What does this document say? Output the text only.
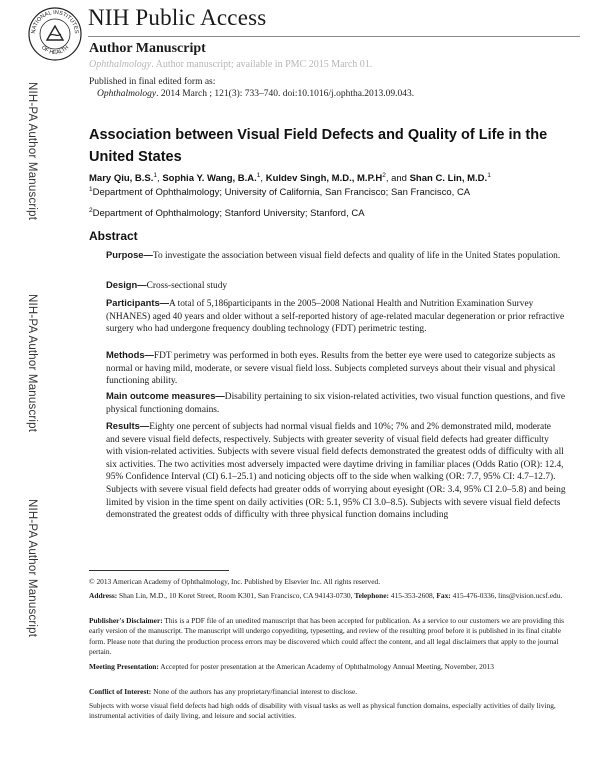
NATIONAL INSTITUTES
OF HEALTH
NIH Public Access
Author Manuscript
Ophthalmology. Author manuscript; available in PMC 2015 March 01.
Published in final edited form as:
Ophthalmology. 2014 March ; 121(3): 733–740. doi:10.1016/j.ophtha.2013.09.043.
NIH-PA Author Manuscript
NIH-PA Author Manuscript
NIH-PA Author Manuscript
Association between Visual Field Defects and Quality of Life in the United States
Mary Qiu, B.S.$^1$, Sophia Y. Wang, B.A.$^1$, Kuldev Singh, M.D., $M.P.H^2$, and Shan C. Lin, M.D.$^1$
$^1$Department of Ophthalmology; University of California, San Francisco; San Francisco, CA
$^2$Department of Ophthalmology; Stanford University; Stanford, CA
Abstract
Purpose—To investigate the association between visual field defects and quality of life in the United States population.
Design—Cross-sectional study
Participants—A total of 5,186participants in the 2005–2008 National Health and Nutrition Examination Survey (NHANES) aged 40 years and older without a self-reported history of age-related macular degeneration or prior refractive surgery who had undergone frequency doubling technology (FDT) perimetric testing.
Methods—FDT perimetry was performed in both eyes. Results from the better eye were used to categorize subjects as normal or having mild, moderate, or severe visual field loss. Subjects completed surveys about their visual and physical functioning ability.
Main outcome measures—Disability pertaining to six vision-related activities, two visual function questions, and five physical functioning domains.
Results—Eighty one percent of subjects had normal visual fields and 10%; 7% and 2% demonstrated mild, moderate and severe visual field defects, respectively. Subjects with greater severity of visual field defects had greater difficulty with vision-related activities. Subjects with severe visual field defects demonstrated the greatest odds of difficulty with all six activities. The two activities most adversely impacted were daytime driving in familiar places (Odds Ratio (OR): 12.4, 95% Confidence Interval (CI) 6.1–25.1) and noticing objects off to the side when walking (OR: 7.7, 95% CI: 4.7–12.7). Subjects with severe visual field defects had greater odds of worrying about eyesight (OR: 3.4, 95% CI 2.0–5.8) and being limited by vision in the time spent on daily activities (OR: 5.1, 95% CI 3.0–8.5). Subjects with severe visual field defects demonstrated the greatest odds of difficulty with three physical function domains including
© 2013 American Academy of Ophthalmology, Inc. Published by Elsevier Inc. All rights reserved.
Address: Shan Lin, M.D., 10 Koret Street, Room K301, San Francisco, CA 94143-0730, Telephone: 415-353-2608, Fax: 415-476-0336, lins@vision.ucsf.edu.
Publisher's Disclaimer: This is a PDF file of an unedited manuscript that has been accepted for publication. As a service to our customers we are providing this early version of the manuscript. The manuscript will undergo copyediting, typesetting, and review of the resulting proof before it is published in its final citable form. Please note that during the production process errors may be discovered which could affect the content, and all legal disclaimers that apply to the journal pertain.
Meeting Presentation: Accepted for poster presentation at the American Academy of Ophthalmology Annual Meeting, November, 2013
Conflict of Interest: None of the authors has any proprietary/financial interest to disclose.
Subjects with worse visual field defects had high odds of disability with visual tasks as well as physical function domains, especially activities of daily living, instrumental activities of daily living, and leisure and social activities.
